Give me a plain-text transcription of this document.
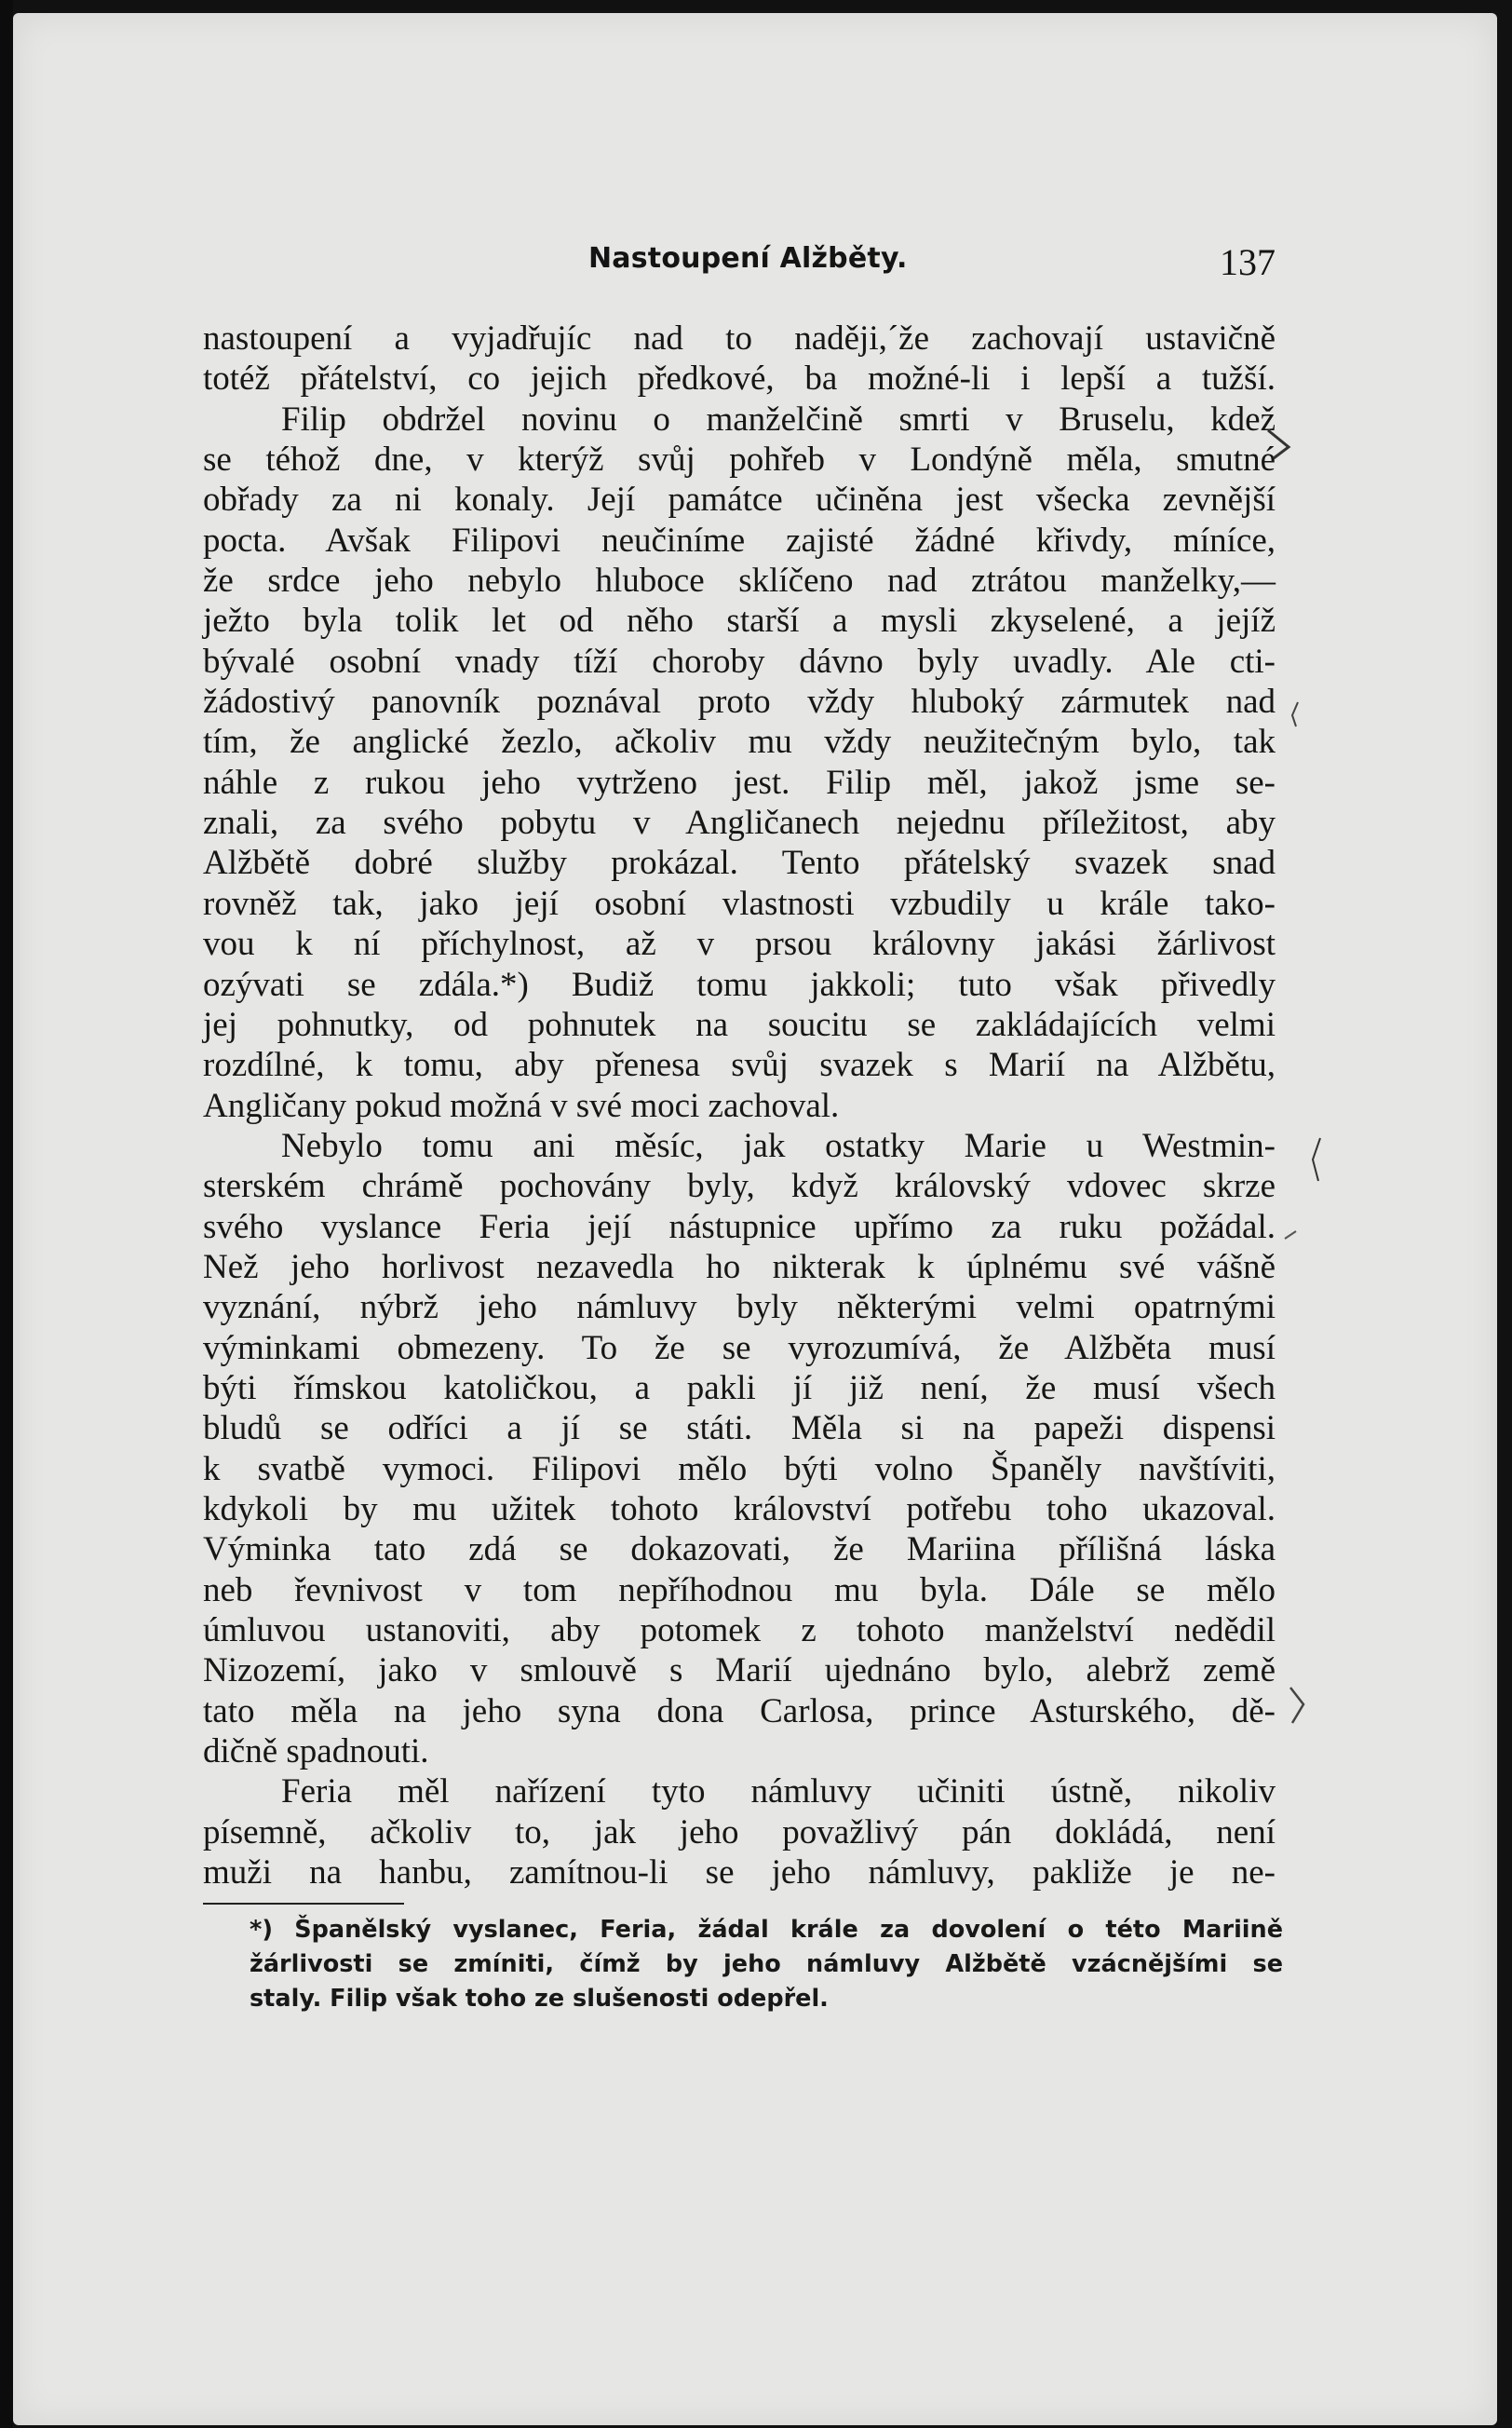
Nastoupení Alžběty.	137
nastoupení a vyjadřujíc nad to naději,´že zachovají ustavičně
totéž přátelství, co jejich předkové, ba možné-li i lepší a tužší.
Filip obdržel novinu o manželčině smrti v Bruselu, kdež
se téhož dne, v kterýž svůj pohřeb v Londýně měla, smutné
obřady za ni konaly. Její památce učiněna jest všecka zevnější
pocta. Avšak Filipovi neučiníme zajisté žádné křivdy, míníce,
že srdce jeho nebylo hluboce sklíčeno nad ztrátou manželky,—
ježto byla tolik let od něho starší a mysli zkyselené, a jejíž
bývalé osobní vnady tíží choroby dávno byly uvadly. Ale cti-
žádostivý panovník poznával proto vždy hluboký zármutek nad
tím, že anglické žezlo, ačkoliv mu vždy neužitečným bylo, tak
náhle z rukou jeho vytrženo jest. Filip měl, jakož jsme se-
znali, za svého pobytu v Angličanech nejednu příležitost, aby
Alžbětě dobré služby prokázal. Tento přátelský svazek snad
rovněž tak, jako její osobní vlastnosti vzbudily u krále tako-
vou k ní příchylnost, až v prsou královny jakási žárlivost
ozývati se zdála.*) Budiž tomu jakkoli; tuto však přivedly
jej pohnutky, od pohnutek na soucitu se zakládajících velmi
rozdílné, k tomu, aby přenesa svůj svazek s Marií na Alžbětu,
Angličany pokud možná v své moci zachoval.
Nebylo tomu ani měsíc, jak ostatky Marie u Westmin-
sterském chrámě pochovány byly, když královský vdovec skrze
svého vyslance Feria její nástupnice upřímo za ruku požádal.
Než jeho horlivost nezavedla ho nikterak k úplnému své vášně
vyznání, nýbrž jeho námluvy byly některými velmi opatrnými
výminkami obmezeny. To že se vyrozumívá, že Alžběta musí
býti římskou katoličkou, a pakli jí již není, že musí všech
bludů se odříci a jí se státi. Měla si na papeži dispensi
k svatbě vymoci. Filipovi mělo býti volno Španěly navštíviti,
kdykoli by mu užitek tohoto království potřebu toho ukazoval.
Výminka tato zdá se dokazovati, že Mariina přílišná láska
neb řevnivost v tom nepříhodnou mu byla. Dále se mělo
úmluvou ustanoviti, aby potomek z tohoto manželství nedědil
Nizozemí, jako v smlouvě s Marií ujednáno bylo, alebrž země
tato měla na jeho syna dona Carlosa, prince Asturského, dě-
dičně spadnouti.
Feria měl nařízení tyto námluvy učiniti ústně, nikoliv
písemně, ačkoliv to, jak jeho považlivý pán dokládá, není
muži na hanbu, zamítnou-li se jeho námluvy, pakliže je ne-
*) Španělský vyslanec, Feria, žádal krále za dovolení o této Mariině
žárlivosti se zmíniti, čímž by jeho námluvy Alžbětě vzácnějšími se
staly. Filip však toho ze slušenosti odepřel.
